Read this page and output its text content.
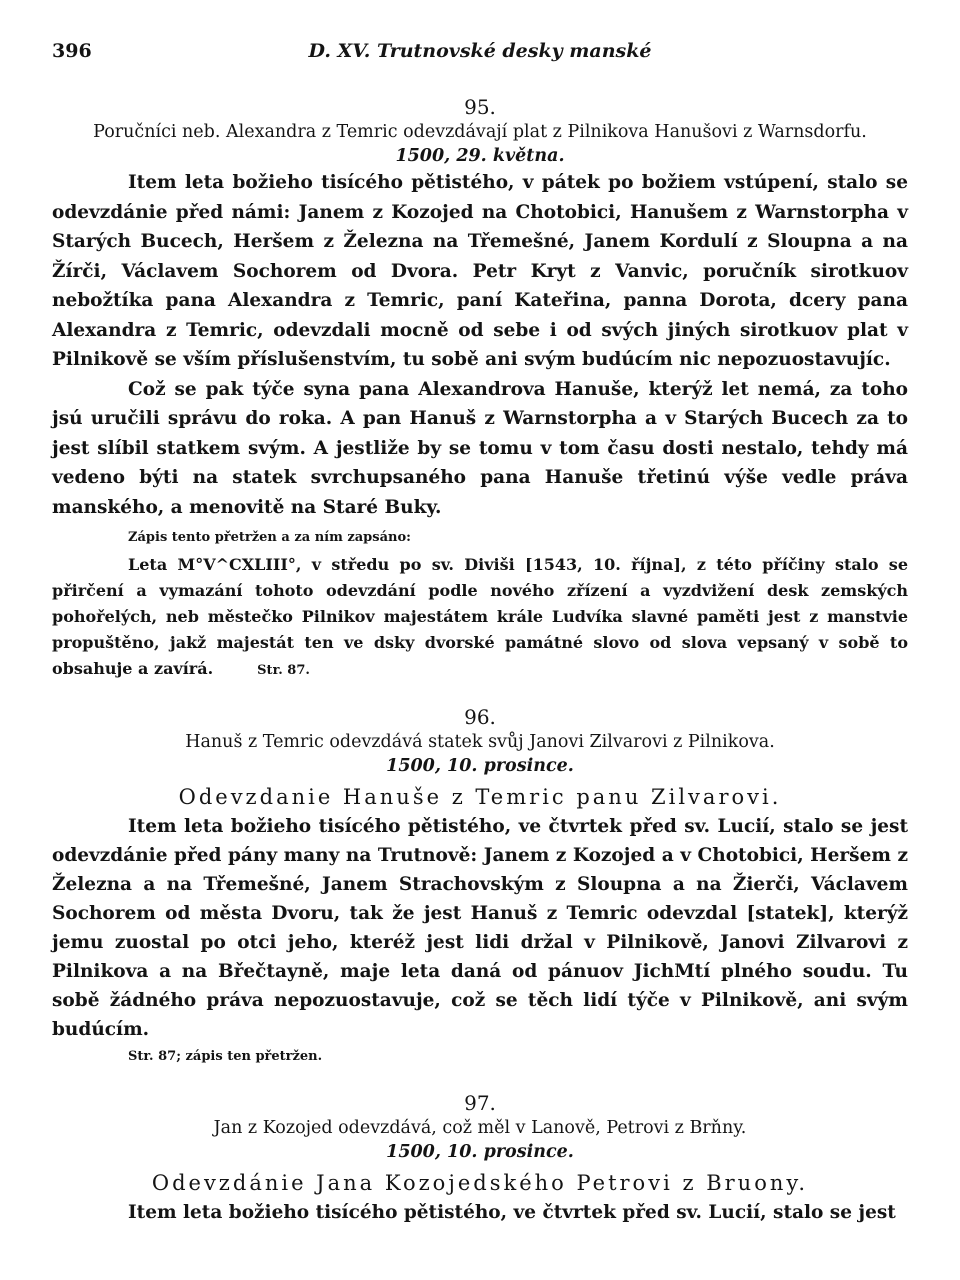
396	D. XV. Trutnovské desky manské
95.
Poručníci neb. Alexandra z Temric odevzdávají plat z Pilnikova Hanušovi z Warnsdorfu.
1500, 29. května.

Item leta božieho tisícého pětistého, v pátek po božiem vstúpení, stalo se odevzdánie před námi: Janem z Kozojed na Chotobici, Hanušem z Warnstorpha v Starých Bucech, Heršem z Železna na Třemešné, Janem Kordulí z Sloupna a na Žírči, Václavem Sochorem od Dvora. Petr Kryt z Vanvic, poručník sirotkuov nebožtíka pana Alexandra z Temric, paní Kateřina, panna Dorota, dcery pana Alexandra z Temric, odevzdali mocně od sebe i od svých jiných sirotkuov plat v Pilnikově se vším příslušenstvím, tu sobě ani svým budúcím nic nepozuostavujíc.

Což se pak týče syna pana Alexandrova Hanuše, kterýž let nemá, za toho jsú uručili správu do roka. A pan Hanuš z Warnstorpha a v Starých Bucech za to jest slíbil statkem svým. A jestliže by se tomu v tom času dosti nestalo, tehdy má vedeno býti na statek svrchupsaného pana Hanuše třetinú výše vedle práva manského, a menovitě na Staré Buky.

Zápis tento přetržen a za ním zapsáno:

Leta M°V^CXLIII°, v středu po sv. Diviši [1543, 10. října], z této příčiny stalo se přirčení a vymazání tohoto odevzdání podle nového zřízení a vyzdvižení desk zemských pohořelých, neb městečko Pilnikov majestátem krále Ludvíka slavné paměti jest z manstvie propuštěno, jakž majestát ten ve dsky dvorské památné slovo od slova vepsaný v sobě to obsahuje a zavírá.	Str. 87.

96.
Hanuš z Temric odevzdává statek svůj Janovi Zilvarovi z Pilnikova.
1500, 10. prosince.
Odevzdanie Hanuše z Temric panu Zilvarovi.

Item leta božieho tisícého pětistého, ve čtvrtek před sv. Lucií, stalo se jest odevzdánie před pány many na Trutnově: Janem z Kozojed a v Chotobici, Heršem z Železna a na Třemešné, Janem Strachovským z Sloupna a na Žierči, Václavem Sochorem od města Dvoru, tak že jest Hanuš z Temric odevzdal [statek], kterýž jemu zuostal po otci jeho, kteréž jest lidi držal v Pilnikově, Janovi Zilvarovi z Pilnikova a na Břečtayně, maje leta daná od pánuov JichMtí plného soudu. Tu sobě žádného práva nepozuostavuje, což se těch lidí týče v Pilnikově, ani svým budúcím.

Str. 87; zápis ten přetržen.
97.
Jan z Kozojed odevzdává, což měl v Lanově, Petrovi z Brňny.
1500, 10. prosince.
Odevzdánie Jana Kozojedského Petrovi z Bruony.

Item leta božieho tisícého pětistého, ve čtvrtek před sv. Lucií, stalo se jest
